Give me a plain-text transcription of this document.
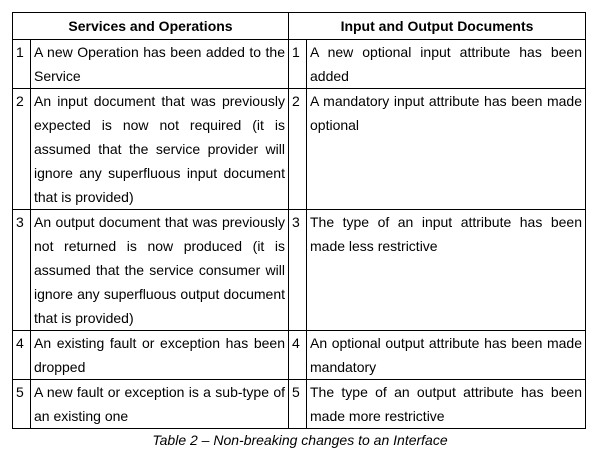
Services and Operations		Input and Output Documents	
1	A new Operation has been added to the Service	1	A new optional input attribute has been added
2	An input document that was previously expected is now not required (it is assumed that the service provider will ignore any superfluous input document that is provided)	2	A mandatory input attribute has been made optional
3	An output document that was previously not returned is now produced (it is assumed that the service consumer will ignore any superfluous output document that is provided)	3	The type of an input attribute has been made less restrictive
4	An existing fault or exception has been dropped	4	An optional output attribute has been made mandatory
5	A new fault or exception is a sub-type of an existing one	5	The type of an output attribute has been made more restrictive
Table 2 – Non-breaking changes to an Interface
